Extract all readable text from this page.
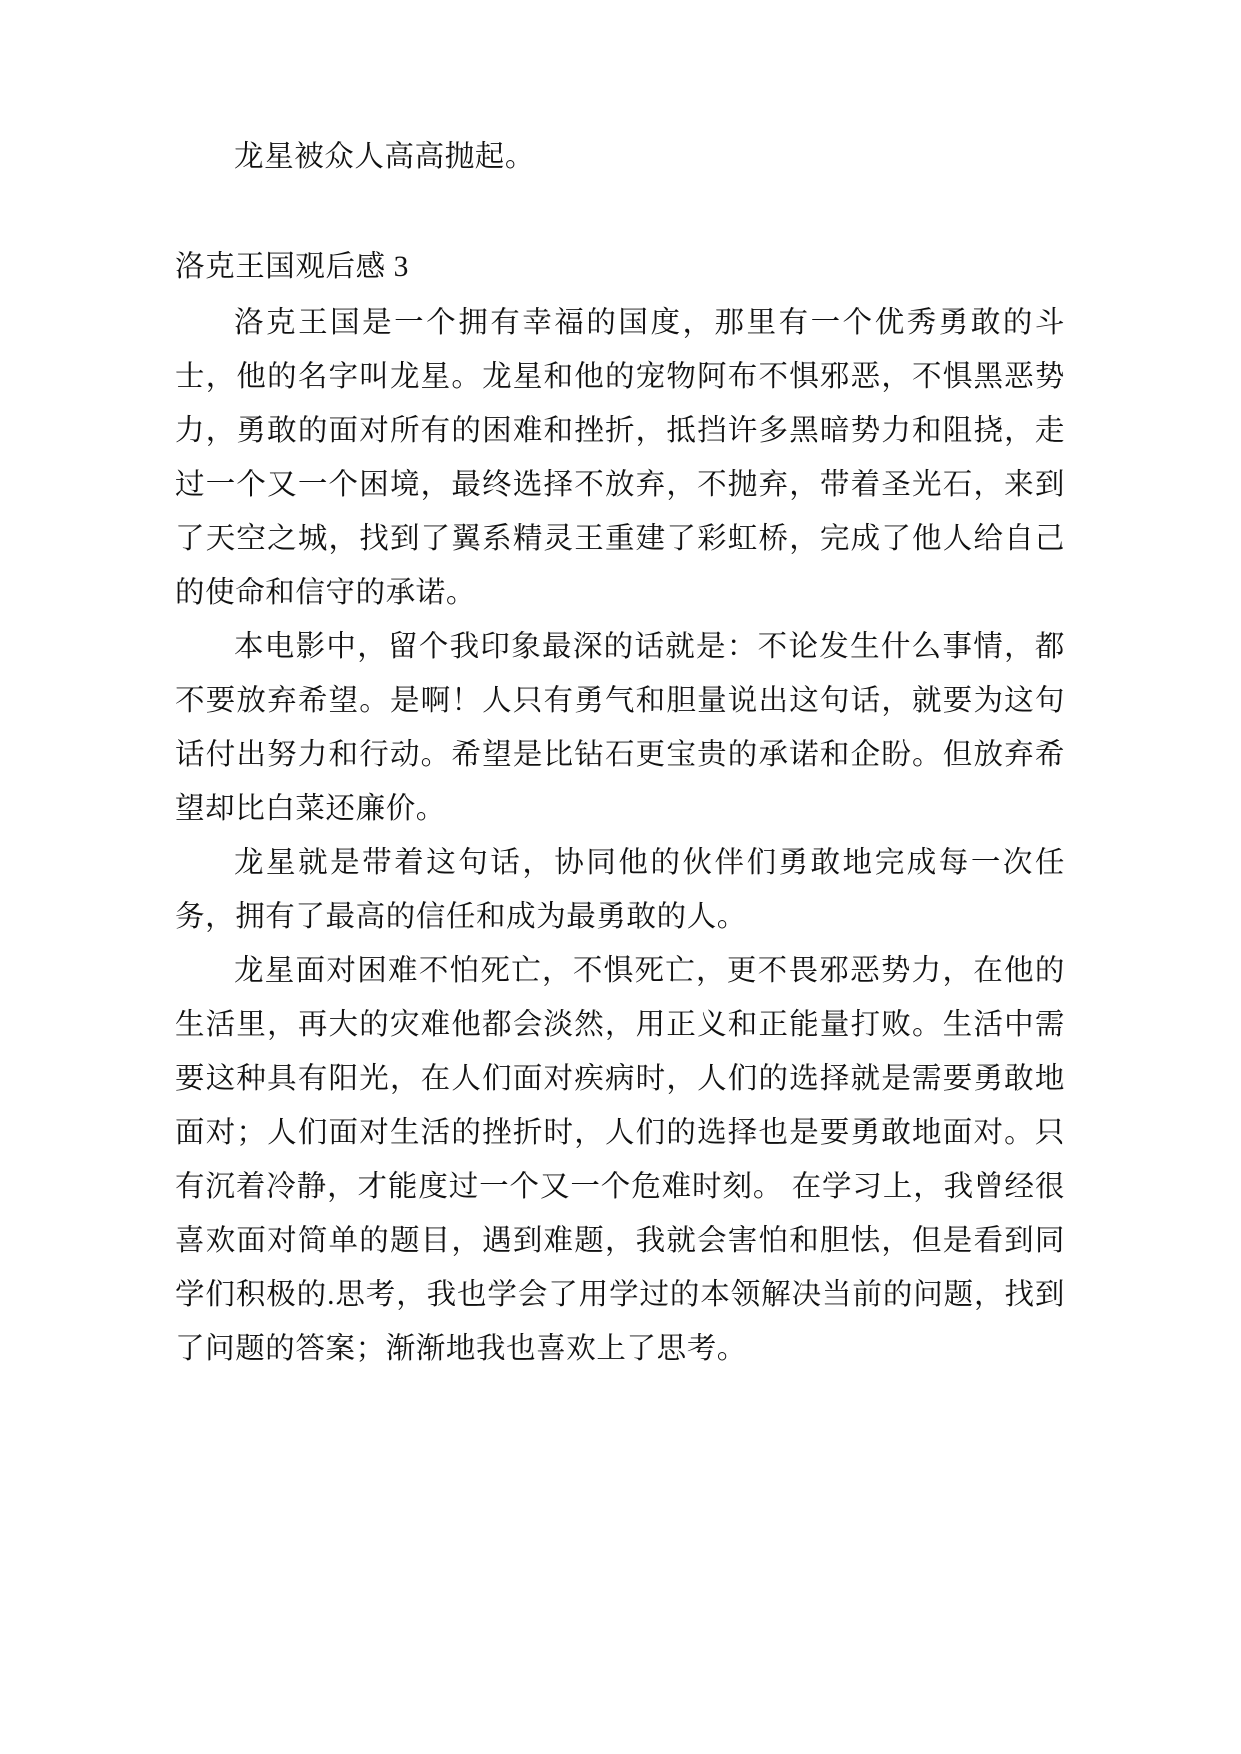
龙星被众人高高抛起。

洛克王国观后感 3

洛克王国是一个拥有幸福的国度，那里有一个优秀勇敢的斗士，他的名字叫龙星。龙星和他的宠物阿布不惧邪恶，不惧黑恶势力，勇敢的面对所有的困难和挫折，抵挡许多黑暗势力和阻挠，走过一个又一个困境，最终选择不放弃，不抛弃，带着圣光石，来到了天空之城，找到了翼系精灵王重建了彩虹桥，完成了他人给自己的使命和信守的承诺。

本电影中，留个我印象最深的话就是：不论发生什么事情，都不要放弃希望。是啊！人只有勇气和胆量说出这句话，就要为这句话付出努力和行动。希望是比钻石更宝贵的承诺和企盼。但放弃希望却比白菜还廉价。

龙星就是带着这句话，协同他的伙伴们勇敢地完成每一次任务，拥有了最高的信任和成为最勇敢的人。

龙星面对困难不怕死亡，不惧死亡，更不畏邪恶势力，在他的生活里，再大的灾难他都会淡然，用正义和正能量打败。生活中需要这种具有阳光，在人们面对疾病时，人们的选择就是需要勇敢地面对；人们面对生活的挫折时，人们的选择也是要勇敢地面对。只有沉着冷静，才能度过一个又一个危难时刻。 在学习上，我曾经很喜欢面对简单的题目，遇到难题，我就会害怕和胆怯，但是看到同学们积极的.思考，我也学会了用学过的本领解决当前的问题，找到了问题的答案；渐渐地我也喜欢上了思考。
